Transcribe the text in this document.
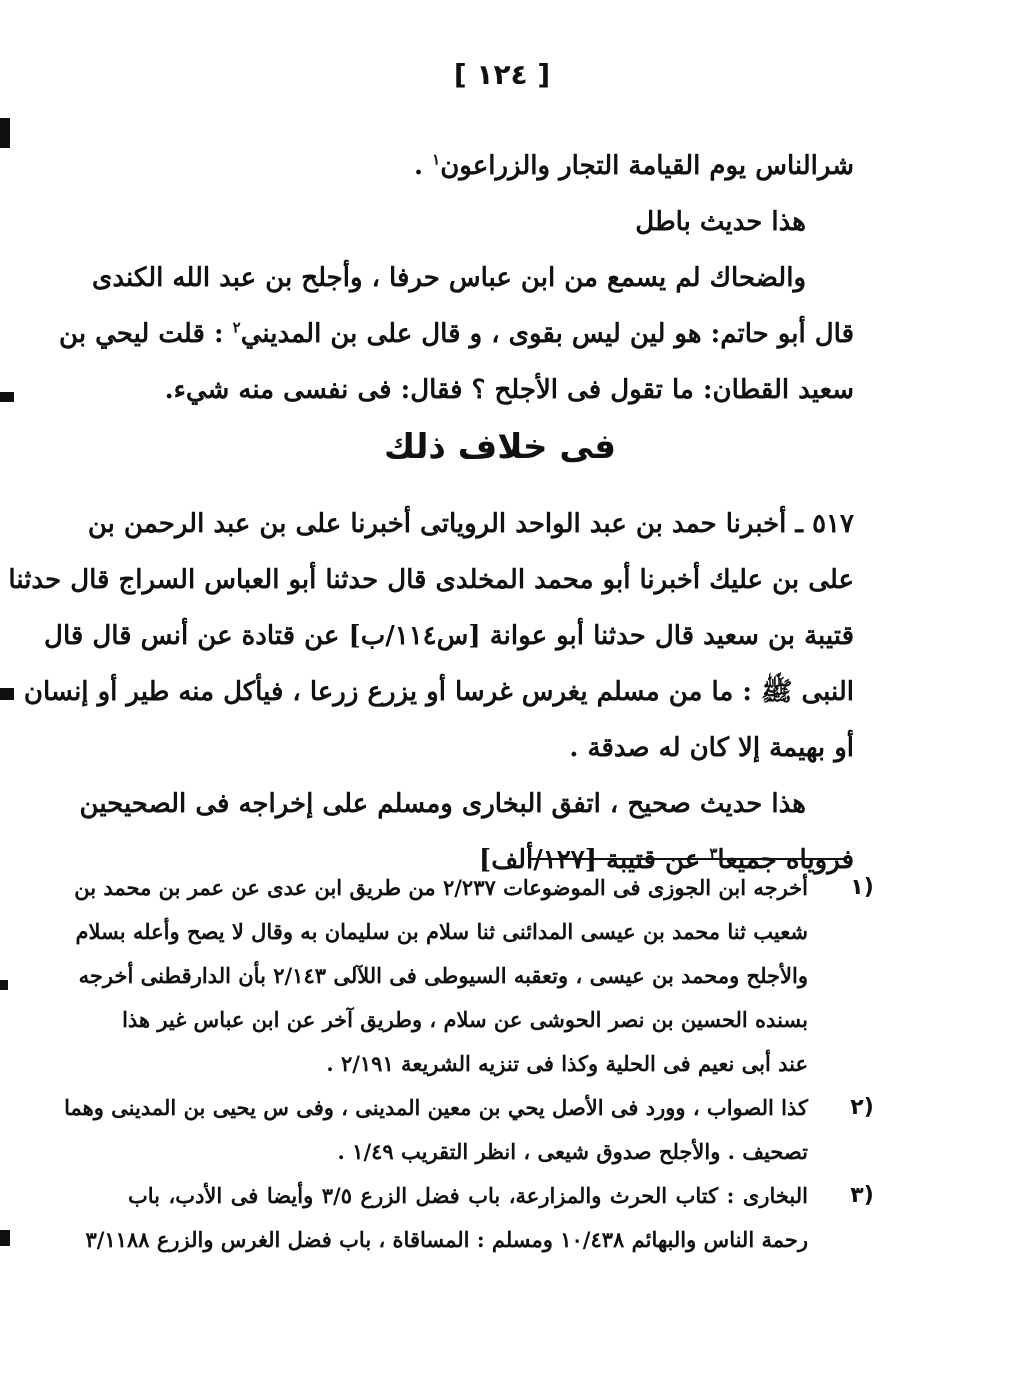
[ ١٢٤ ]
شرالناس يوم القيامة التجار والزراعون$^١$ .
هذا حديث باطل
والضحاك لم يسمع من ابن عباس حرفا ، وأجلح بن عبد الله الكندى
قال أبو حاتم: هو لين ليس بقوى ، و قال على بن المديني$^٢$ : قلت ليحي بن
سعيد القطان: ما تقول فى الأجلح ؟ فقال: فى نفسى منه شيء.
فى خلاف ذلك
٥١٧ ـ أخبرنا حمد بن عبد الواحد الروياتى أخبرنا على بن عبد الرحمن بن
على بن عليك أخبرنا أبو محمد المخلدى قال حدثنا أبو العباس السراج قال حدثنا
قتيبة بن سعيد قال حدثنا أبو عوانة [س١١٤/ب] عن قتادة عن أنس قال قال
النبى ﷺ : ما من مسلم يغرس غرسا أو يزرع زرعا ، فيأكل منه طير أو إنسان
أو بهيمة إلا كان له صدقة .
هذا حديث صحيح ، اتفق البخارى ومسلم على إخراجه فى الصحيحين
فروياه جميعا$^٣$ عن قتيبة [١٢٧/ألف]
(١
أخرجه ابن الجوزى فى الموضوعات ٢/٢٣٧ من طريق ابن عدى عن عمر بن محمد بن
شعيب ثنا محمد بن عيسى المدائنى ثنا سلام بن سليمان به وقال لا يصح وأعله بسلام
والأجلح ومحمد بن عيسى ، وتعقبه السيوطى فى اللآلى ٢/١٤٣ بأن الدارقطنى أخرجه
بسنده الحسين بن نصر الحوشى عن سلام ، وطريق آخر عن ابن عباس غير هذا
عند أبى نعيم فى الحلية وكذا فى تنزيه الشريعة ٢/١٩١ .
(٢
كذا الصواب ، وورد فى الأصل يحي بن معين المدينى ، وفى س يحيى بن المدينى وهما
تصحيف . والأجلح صدوق شيعى ، انظر التقريب ١/٤٩ .
(٣
البخارى : كتاب الحرث والمزارعة، باب فضل الزرع ٣/٥ وأيضا فى الأدب، باب
رحمة الناس والبهائم ١٠/٤٣٨ ومسلم : المساقاة ، باب فضل الغرس والزرع ٣/١١٨٨
